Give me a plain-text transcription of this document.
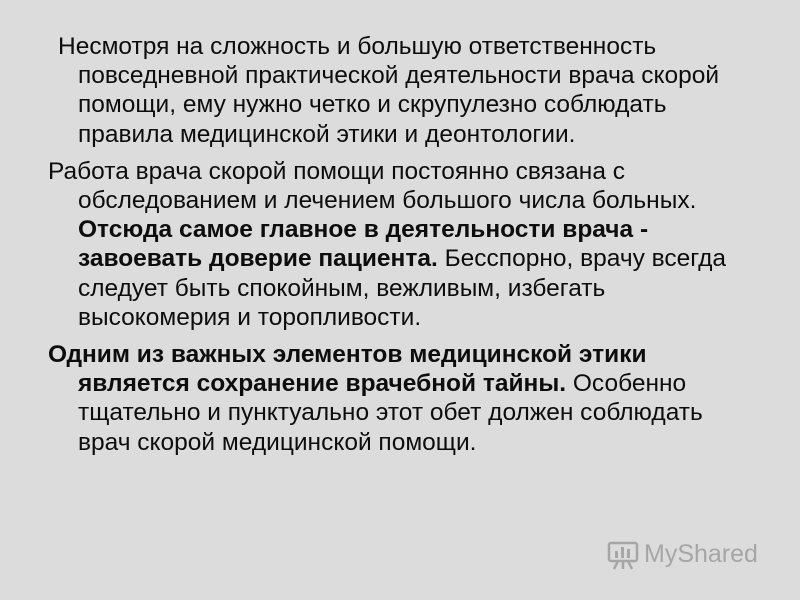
Несмотря на сложность и большую ответственность повседневной практической деятельности врача скорой помощи, ему нужно четко и скрупулезно соблюдать правила медицинской этики и деонтологии.

Работа врача скорой помощи постоянно связана с обследованием и лечением большого числа больных. Отсюда самое главное в деятельности врача - завоевать доверие пациента. Бесспорно, врачу всегда следует быть спокойным, вежливым, избегать высокомерия и торопливости.

Одним из важных элементов медицинской этики является сохранение врачебной тайны. Особенно тщательно и пунктуально этот обет должен соблюдать врач скорой медицинской помощи.

MyShared
